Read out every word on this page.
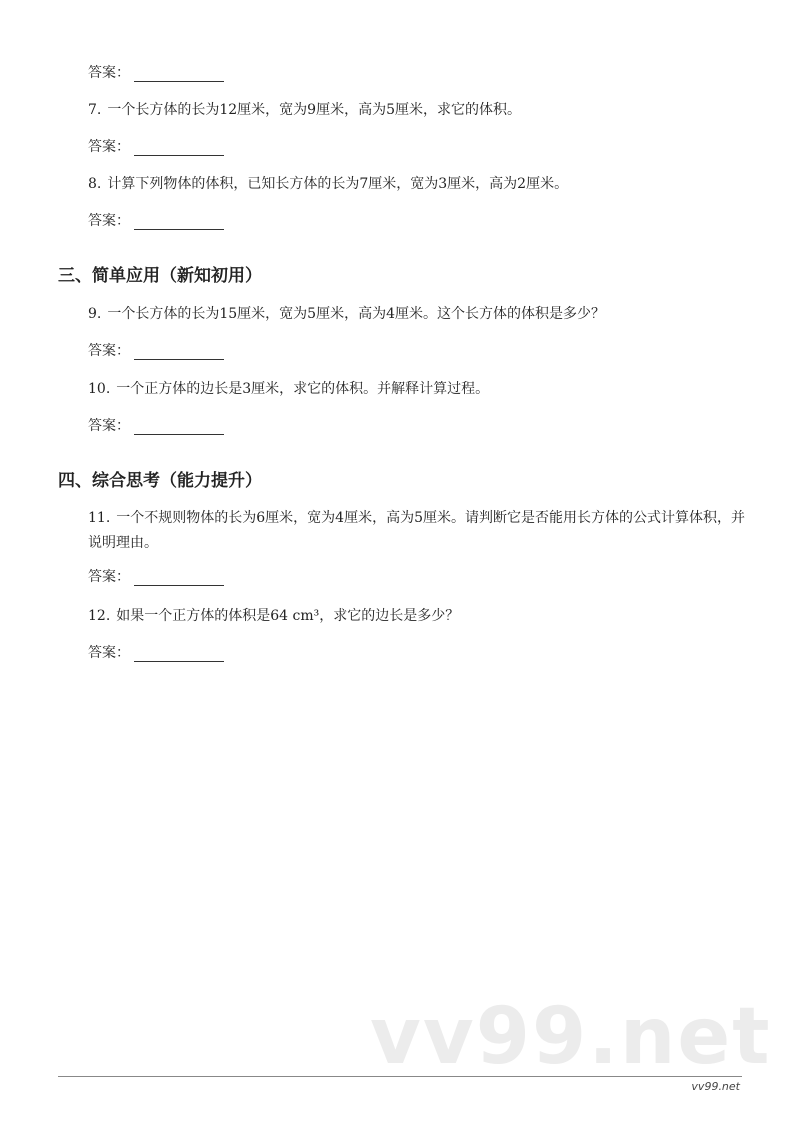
答案：
7. 一个长方体的长为12厘米，宽为9厘米，高为5厘米，求它的体积。
答案：
8. 计算下列物体的体积，已知长方体的长为7厘米，宽为3厘米，高为2厘米。
答案：
三、简单应用（新知初用）
9. 一个长方体的长为15厘米，宽为5厘米，高为4厘米。这个长方体的体积是多少？
答案：
10. 一个正方体的边长是3厘米，求它的体积。并解释计算过程。
答案：
四、综合思考（能力提升）
11. 一个不规则物体的长为6厘米，宽为4厘米，高为5厘米。请判断它是否能用长方体的公式计算体积，并说明理由。
答案：
12. 如果一个正方体的体积是64 cm³，求它的边长是多少？
答案：
vv99.net
vv99.net
